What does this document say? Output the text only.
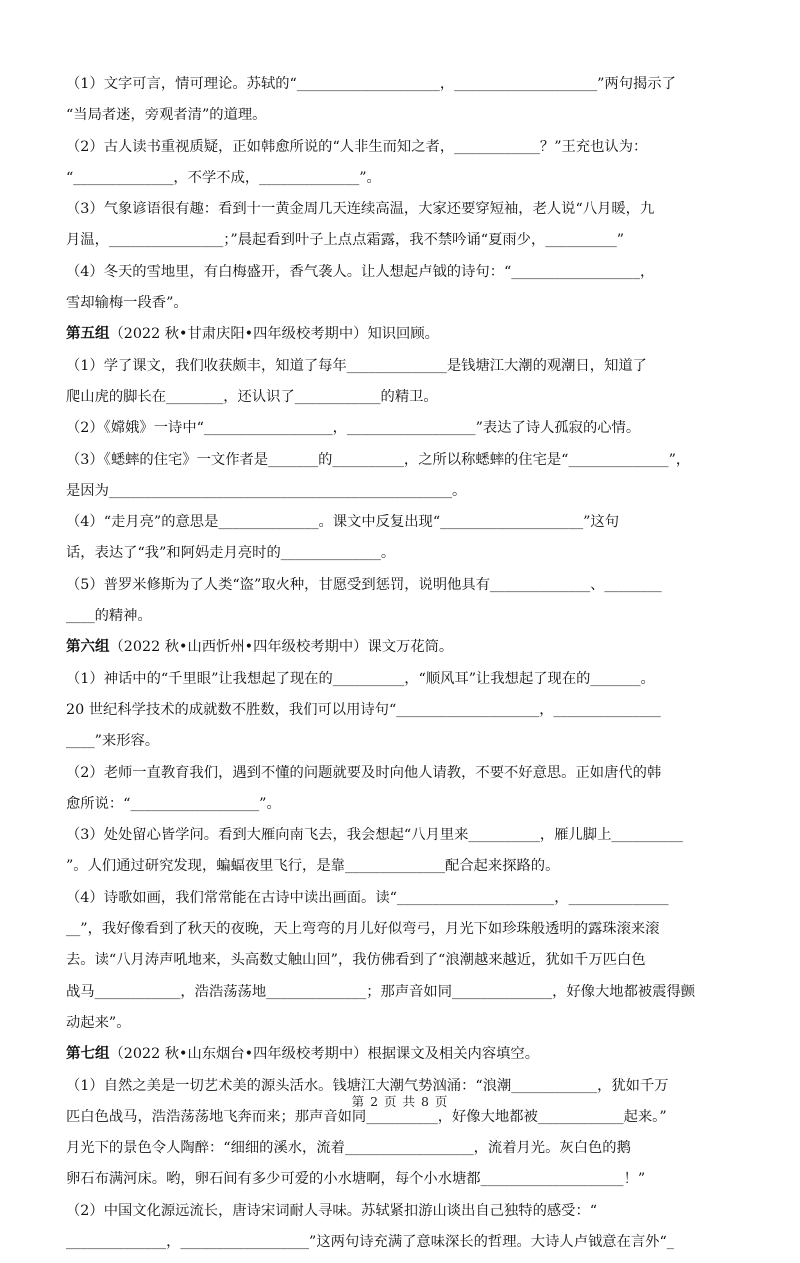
（1）文字可言，情可理论。苏轼的“____________________，____________________”两句揭示了
“当局者迷，旁观者清”的道理。
（2）古人读书重视质疑，正如韩愈所说的“人非生而知之者，____________？”王充也认为：
“______________，不学不成，______________”。
（3）气象谚语很有趣：看到十一黄金周几天连续高温，大家还要穿短袖，老人说“八月暖，九
月温，________________；”晨起看到叶子上点点霜露，我不禁吟诵“夏雨少，__________”
（4）冬天的雪地里，有白梅盛开，香气袭人。让人想起卢钺的诗句：“__________________，
雪却输梅一段香”。
第五组（2022 秋•甘肃庆阳•四年级校考期中）知识回顾。
（1）学了课文，我们收获颇丰，知道了每年______________是钱塘江大潮的观潮日，知道了
爬山虎的脚长在________，还认识了____________的精卫。
（2）《嫦娥》一诗中“__________________，__________________”表达了诗人孤寂的心情。
（3）《蟋蟀的住宅》一文作者是_______的__________，之所以称蟋蟀的住宅是“______________”，
是因为________________________________________________。
（4）“走月亮”的意思是______________。课文中反复出现“____________________”这句
话，表达了“我”和阿妈走月亮时的______________。
（5）普罗米修斯为了人类“盗”取火种，甘愿受到惩罚，说明他具有______________、________
____的精神。
第六组（2022 秋•山西忻州•四年级校考期中）课文万花筒。
（1）神话中的“千里眼”让我想起了现在的__________，“顺风耳”让我想起了现在的_______。
20 世纪科学技术的成就数不胜数，我们可以用诗句“____________________，_______________
____”来形容。
（2）老师一直教育我们，遇到不懂的问题就要及时向他人请教，不要不好意思。正如唐代的韩
愈所说：“__________________”。
（3）处处留心皆学问。看到大雁向南飞去，我会想起“八月里来__________，雁儿脚上__________
”。人们通过研究发现，蝙蝠夜里飞行，是靠______________配合起来探路的。
（4）诗歌如画，我们常常能在古诗中读出画面。读“______________________，______________
__”，我好像看到了秋天的夜晚，天上弯弯的月儿好似弯弓，月光下如珍珠般透明的露珠滚来滚
去。读“八月涛声吼地来，头高数丈触山回”，我仿佛看到了“浪潮越来越近，犹如千万匹白色
战马____________，浩浩荡荡地______________；那声音如同______________，好像大地都被震得颤
动起来”。
第七组（2022 秋•山东烟台•四年级校考期中）根据课文及相关内容填空。
（1）自然之美是一切艺术美的源头活水。钱塘江大潮气势汹涌：“浪潮____________，犹如千万
匹白色战马，浩浩荡荡地飞奔而来；那声音如同__________，好像大地都被____________起来。”
月光下的景色令人陶醉：“细细的溪水，流着__________________，流着月光。灰白色的鹅
卵石布满河床。哟，卵石间有多少可爱的小水塘啊，每个小水塘都____________________！”
（2）中国文化源远流长，唐诗宋词耐人寻味。苏轼紧扣游山谈出自己独特的感受：“
______________，__________________”这两句诗充满了意味深长的哲理。大诗人卢钺意在言外“_
第 2 页 共 8 页
